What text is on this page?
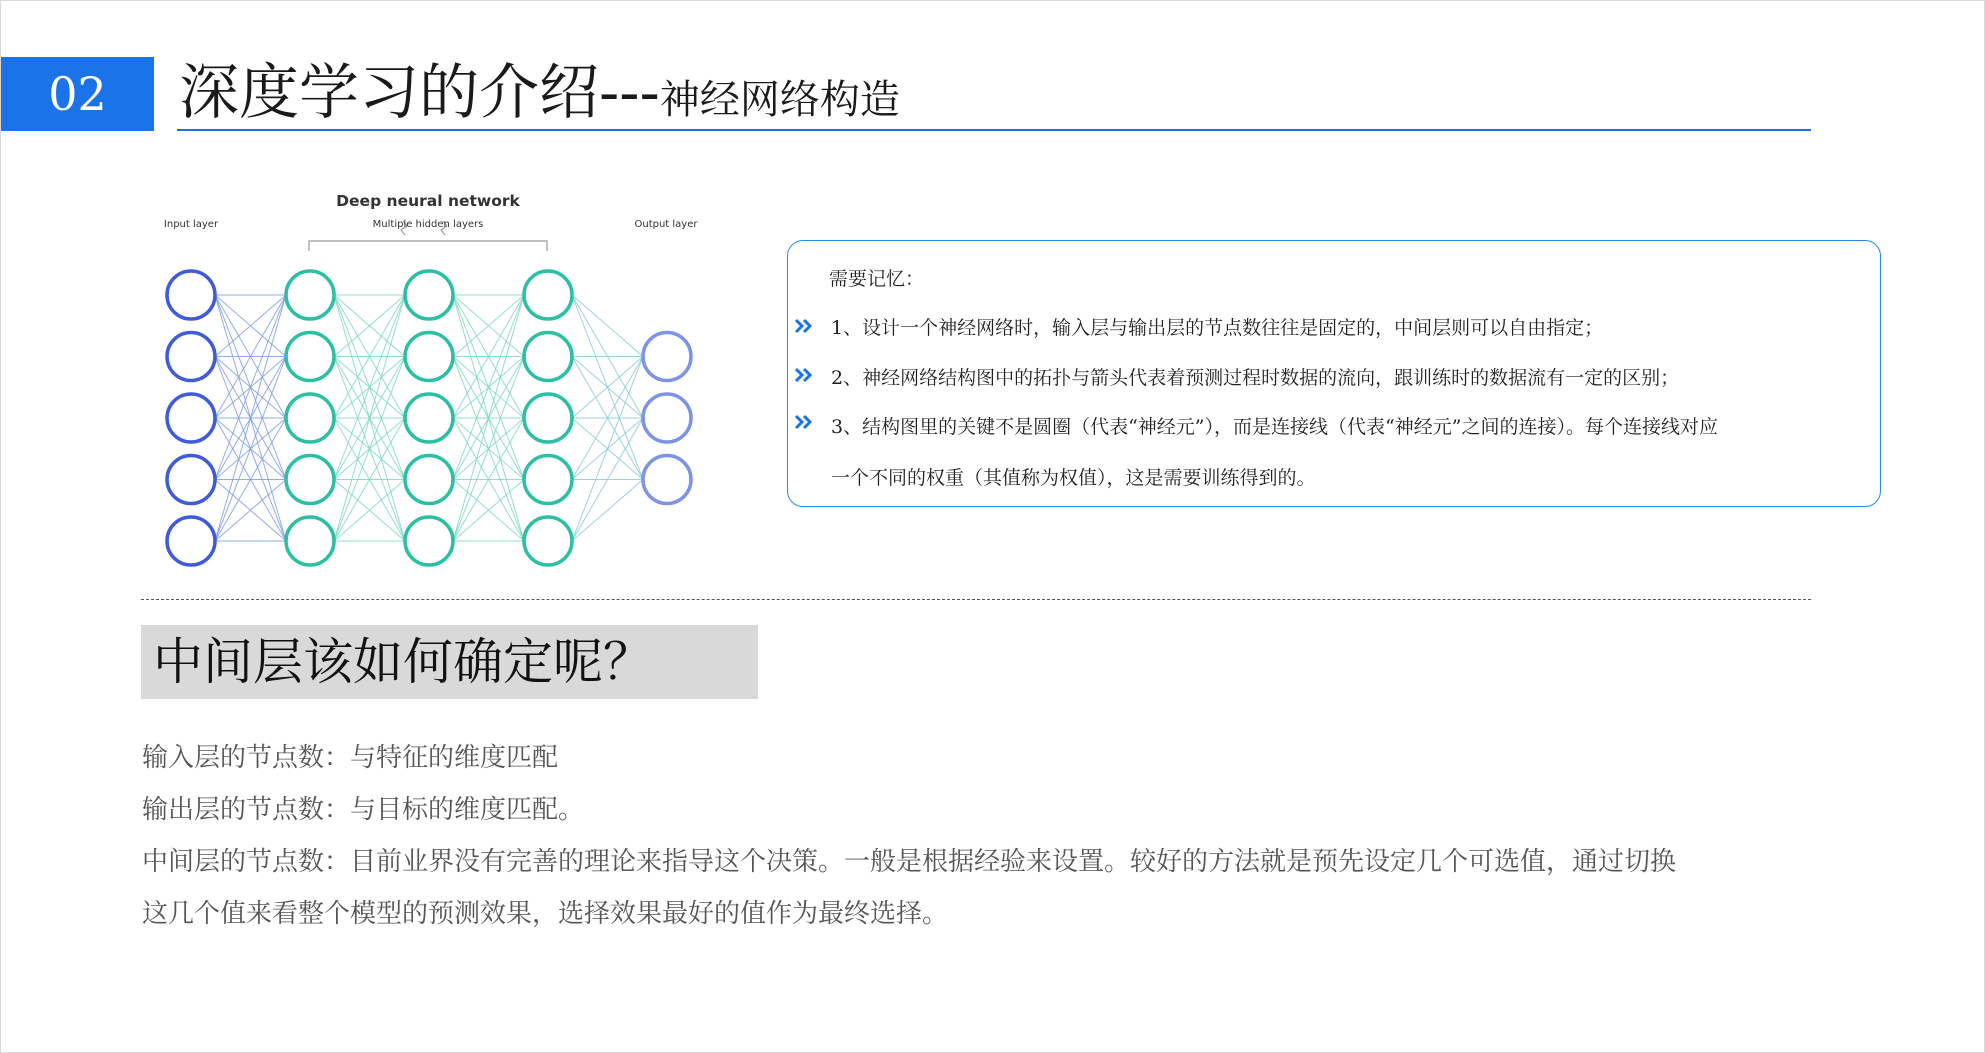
02	深度学习的介绍---神经网络构造
Deep neural network
Input layer	Multiple hidden layers	Output layer
需要记忆：
1、设计一个神经网络时，输入层与输出层的节点数往往是固定的，中间层则可以自由指定；
2、神经网络结构图中的拓扑与箭头代表着预测过程时数据的流向，跟训练时的数据流有一定的区别；
3、结构图里的关键不是圆圈（代表“神经元”），而是连接线（代表“神经元”之间的连接）。每个连接线对应
一个不同的权重（其值称为权值），这是需要训练得到的。
中间层该如何确定呢？
输入层的节点数：与特征的维度匹配
输出层的节点数：与目标的维度匹配。
中间层的节点数：目前业界没有完善的理论来指导这个决策。一般是根据经验来设置。较好的方法就是预先设定几个可选值，通过切换
这几个值来看整个模型的预测效果，选择效果最好的值作为最终选择。
